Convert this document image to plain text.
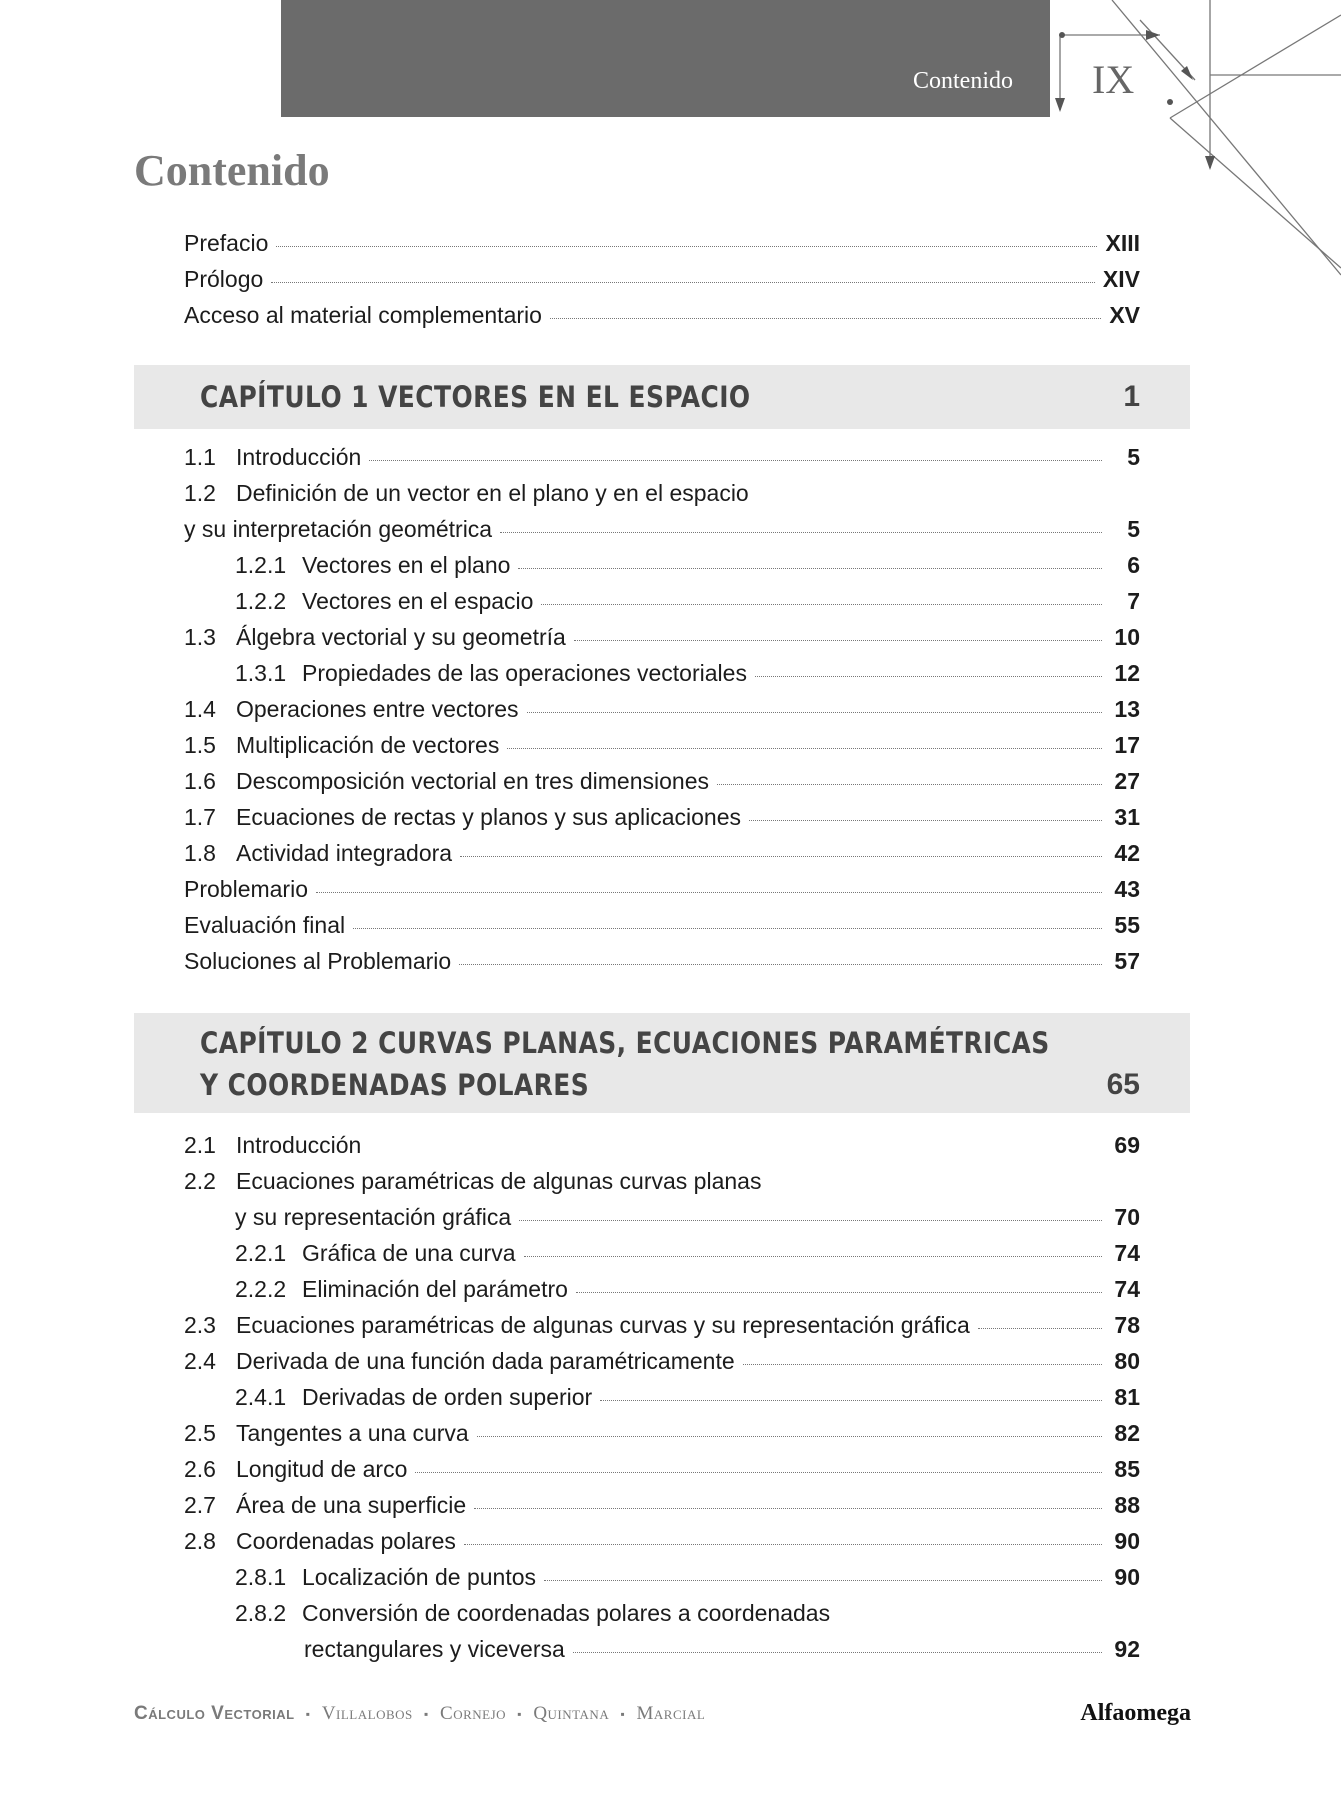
Contenido IX
Contenido
Prefacio	XIII
Prólogo	XIV
Acceso al material complementario	XV
CAPÍTULO 1 VECTORES EN EL ESPACIO	1
1.1 Introducción	5
1.2 Definición de un vector en el plano y en el espacio
y su interpretación geométrica	5
1.2.1 Vectores en el plano	6
1.2.2 Vectores en el espacio	7
1.3 Álgebra vectorial y su geometría	10
1.3.1 Propiedades de las operaciones vectoriales	12
1.4 Operaciones entre vectores	13
1.5 Multiplicación de vectores	17
1.6 Descomposición vectorial en tres dimensiones	27
1.7 Ecuaciones de rectas y planos y sus aplicaciones	31
1.8 Actividad integradora	42
Problemario	43
Evaluación final	55
Soluciones al Problemario	57
CAPÍTULO 2 CURVAS PLANAS, ECUACIONES PARAMÉTRICAS
Y COORDENADAS POLARES	65
2.1 Introducción	69
2.2 Ecuaciones paramétricas de algunas curvas planas
y su representación gráfica	70
2.2.1 Gráfica de una curva	74
2.2.2 Eliminación del parámetro	74
2.3 Ecuaciones paramétricas de algunas curvas y su representación gráfica	78
2.4 Derivada de una función dada paramétricamente	80
2.4.1 Derivadas de orden superior	81
2.5 Tangentes a una curva	82
2.6 Longitud de arco	85
2.7 Área de una superficie	88
2.8 Coordenadas polares	90
2.8.1 Localización de puntos	90
2.8.2 Conversión de coordenadas polares a coordenadas
rectangulares y viceversa	92
Cálculo Vectorial ▪ Villalobos ▪ Cornejo ▪ Quintana ▪ Marcial	Alfaomega
